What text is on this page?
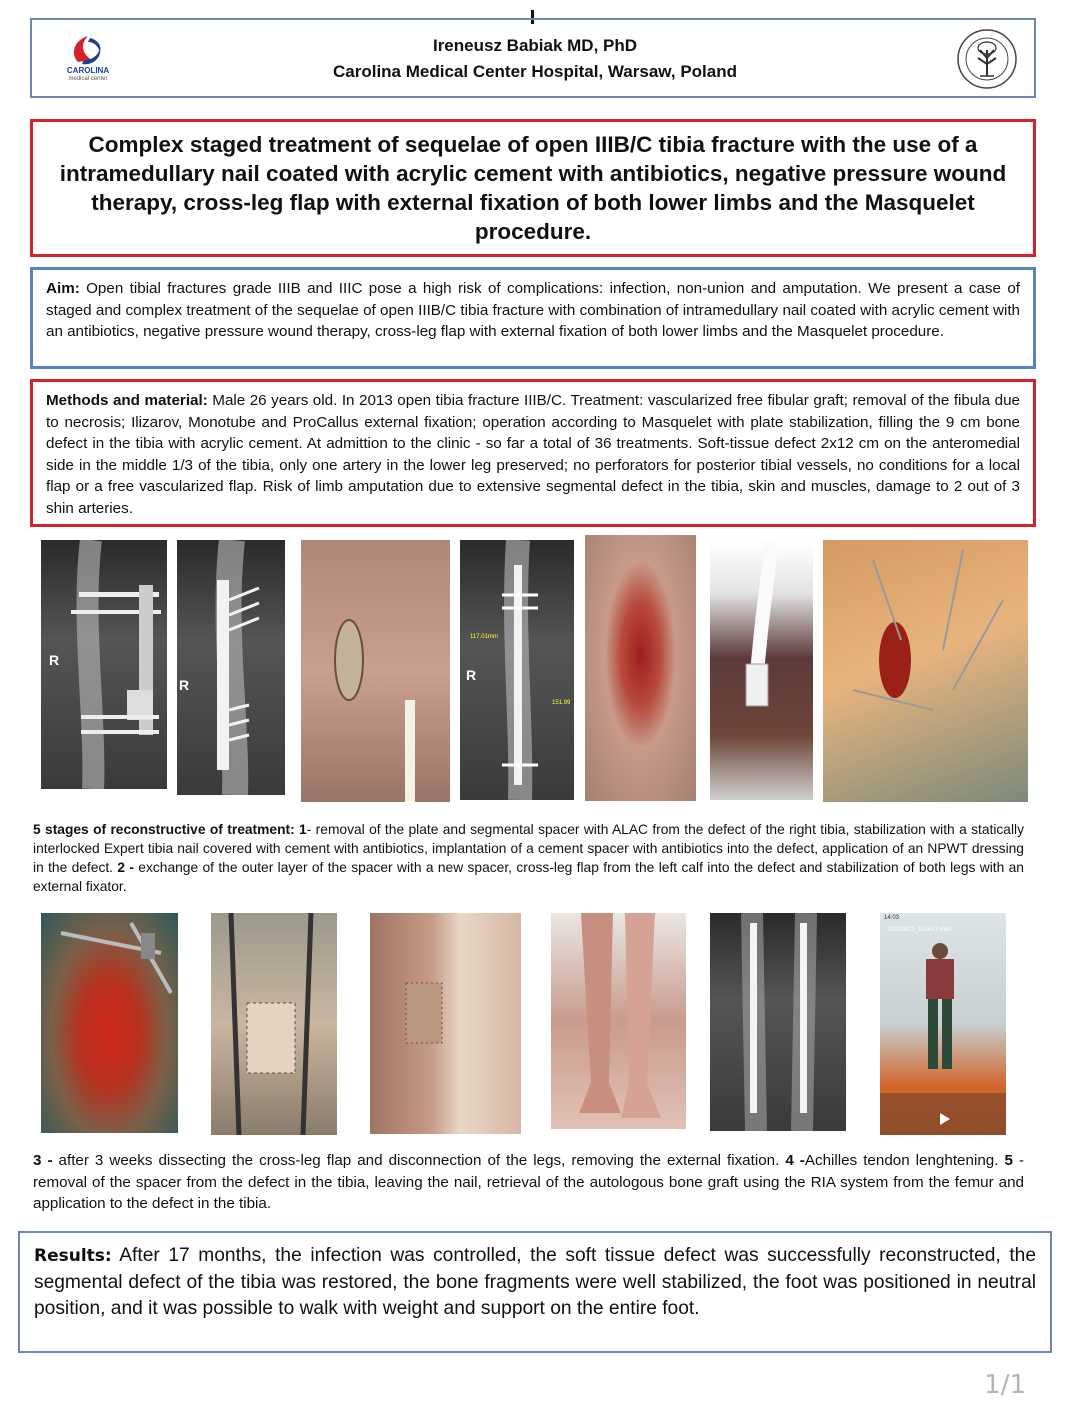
CAROLINA
medical center
Ireneusz Babiak MD, PhD
Carolina Medical Center Hospital, Warsaw, Poland
Complex staged treatment of sequelae of open IIIB/C tibia fracture with the use of a intramedullary nail coated with acrylic cement with antibiotics, negative pressure wound therapy, cross-leg flap with external fixation of both lower limbs and the Masquelet procedure.
Aim: Open tibial fractures grade IIIB and IIIC pose a high risk of complications: infection, non-union and amputation. We present a case of staged and complex treatment of the sequelae of open IIIB/C tibia fracture with combination of intramedullary nail coated with acrylic cement with an antibiotics, negative pressure wound therapy, cross-leg flap with external fixation of both lower limbs and the Masquelet procedure.
Methods and material: Male 26 years old. In 2013 open tibia fracture IIIB/C. Treatment: vascularized free fibular graft; removal of the fibula due to necrosis; Ilizarov, Monotube and ProCallus external fixation; operation according to Masquelet with plate stabilization, filling the 9 cm bone defect in the tibia with acrylic cement. At admittion to the clinic - so far a total of 36 treatments. Soft-tissue defect 2x12 cm on the anteromedial side in the middle 1/3 of the tibia, only one artery in the lower leg preserved; no perforators for posterior tibial vessels, no conditions for a local flap or a free vascularized flap. Risk of limb amputation due to extensive segmental defect in the tibia, skin and muscles, damage to 2 out of 3 shin arteries.
R
R
R
117.01mm
151.99
5 stages of reconstructive of treatment: 1- removal of the plate and segmental spacer with ALAC from the defect of the right tibia, stabilization with a statically interlocked Expert tibia nail covered with cement with antibiotics, implantation of a cement spacer with antibiotics into the defect, application of an NPWT dressing in the defect. 2 - exchange of the outer layer of the spacer with a new spacer, cross-leg flap from the left calf into the defect and stabilization of both legs with an external fixator.
14:03
20210913_151647.mp4
3 - after 3 weeks dissecting the cross-leg flap and disconnection of the legs, removing the external fixation. 4 -Achilles tendon lenghtening. 5 - removal of the spacer from the defect in the tibia, leaving the nail, retrieval of the autologous bone graft using the RIA system from the femur and application to the defect in the tibia.
Results: After 17 months, the infection was controlled, the soft tissue defect was successfully reconstructed, the segmental defect of the tibia was restored, the bone fragments were well stabilized, the foot was positioned in neutral position, and it was possible to walk with weight and support on the entire foot.
1/1
